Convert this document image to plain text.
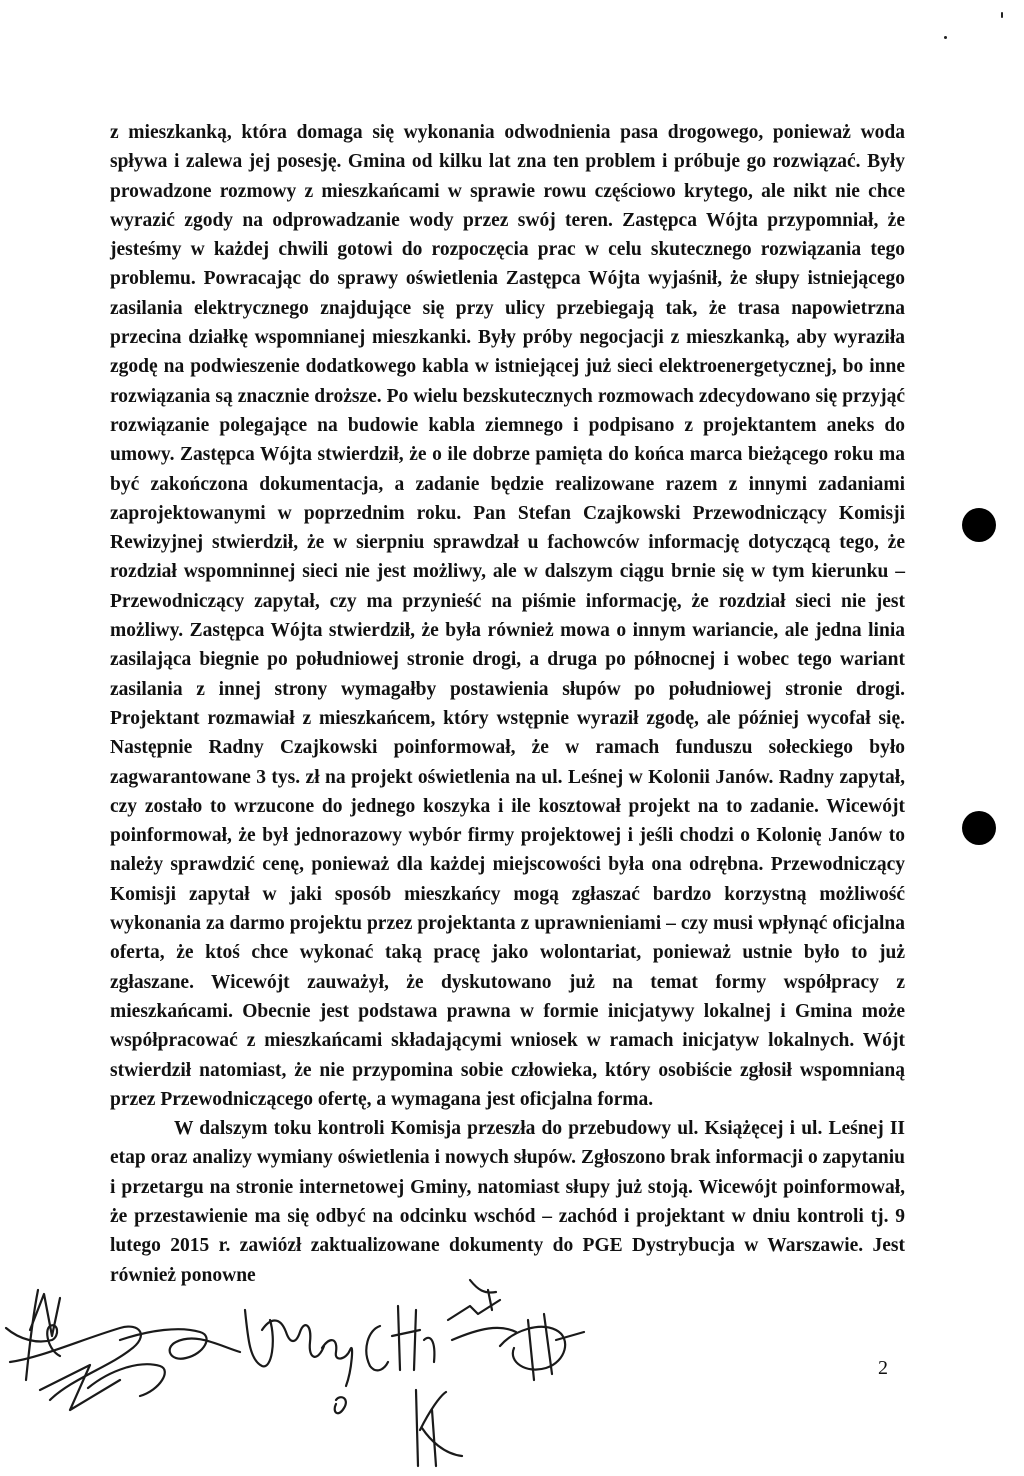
z mieszkanką, która domaga się wykonania odwodnienia pasa drogowego, ponieważ woda spływa i zalewa jej posesję. Gmina od kilku lat zna ten problem i próbuje go rozwiązać. Były prowadzone rozmowy z mieszkańcami w sprawie rowu częściowo krytego, ale nikt nie chce wyrazić zgody na odprowadzanie wody przez swój teren. Zastępca Wójta przypomniał, że jesteśmy w każdej chwili gotowi do rozpoczęcia prac w celu skutecznego rozwiązania tego problemu. Powracając do sprawy oświetlenia Zastępca Wójta wyjaśnił, że słupy istniejącego zasilania elektrycznego znajdujące się przy ulicy przebiegają tak, że trasa napowietrzna przecina działkę wspomnianej mieszkanki. Były próby negocjacji z mieszkanką, aby wyraziła zgodę na podwieszenie dodatkowego kabla w istniejącej już sieci elektroenergetycznej, bo inne rozwiązania są znacznie droższe. Po wielu bezskutecznych rozmowach zdecydowano się przyjąć rozwiązanie polegające na budowie kabla ziemnego i podpisano z projektantem aneks do umowy. Zastępca Wójta stwierdził, że o ile dobrze pamięta do końca marca bieżącego roku ma być zakończona dokumentacja, a zadanie będzie realizowane razem z innymi zadaniami zaprojektowanymi w poprzednim roku. Pan Stefan Czajkowski Przewodniczący Komisji Rewizyjnej stwierdził, że w sierpniu sprawdzał u fachowców informację dotyczącą tego, że rozdział wspomninnej sieci nie jest możliwy, ale w dalszym ciągu brnie się w tym kierunku – Przewodniczący zapytał, czy ma przynieść na piśmie informację, że rozdział sieci nie jest możliwy. Zastępca Wójta stwierdził, że była również mowa o innym wariancie, ale jedna linia zasilająca biegnie po południowej stronie drogi, a druga po północnej i wobec tego wariant zasilania z innej strony wymagałby postawienia słupów po południowej stronie drogi. Projektant rozmawiał z mieszkańcem, który wstępnie wyraził zgodę, ale później wycofał się. Następnie Radny Czajkowski poinformował, że w ramach funduszu sołeckiego było zagwarantowane 3 tys. zł na projekt oświetlenia na ul. Leśnej w Kolonii Janów. Radny zapytał, czy zostało to wrzucone do jednego koszyka i ile kosztował projekt na to zadanie. Wicewójt poinformował, że był jednorazowy wybór firmy projektowej i jeśli chodzi o Kolonię Janów to należy sprawdzić cenę, ponieważ dla każdej miejscowości była ona odrębna. Przewodniczący Komisji zapytał w jaki sposób mieszkańcy mogą zgłaszać bardzo korzystną możliwość wykonania za darmo projektu przez projektanta z uprawnieniami – czy musi wpłynąć oficjalna oferta, że ktoś chce wykonać taką pracę jako wolontariat, ponieważ ustnie było to już zgłaszane. Wicewójt zauważył, że dyskutowano już na temat formy współpracy z mieszkańcami. Obecnie jest podstawa prawna w formie inicjatywy lokalnej i Gmina może współpracować z mieszkańcami składającymi wniosek w ramach inicjatyw lokalnych. Wójt stwierdził natomiast, że nie przypomina sobie człowieka, który osobiście zgłosił wspomnianą przez Przewodniczącego ofertę, a wymagana jest oficjalna forma.

W dalszym toku kontroli Komisja przeszła do przebudowy ul. Książęcej i ul. Leśnej II etap oraz analizy wymiany oświetlenia i nowych słupów. Zgłoszono brak informacji o zapytaniu i przetargu na stronie internetowej Gminy, natomiast słupy już stoją. Wicewójt poinformował, że przestawienie ma się odbyć na odcinku wschód – zachód i projektant w dniu kontroli tj. 9 lutego 2015 r. zawiózł zaktualizowane dokumenty do PGE Dystrybucja w Warszawie. Jest również ponowne

2
